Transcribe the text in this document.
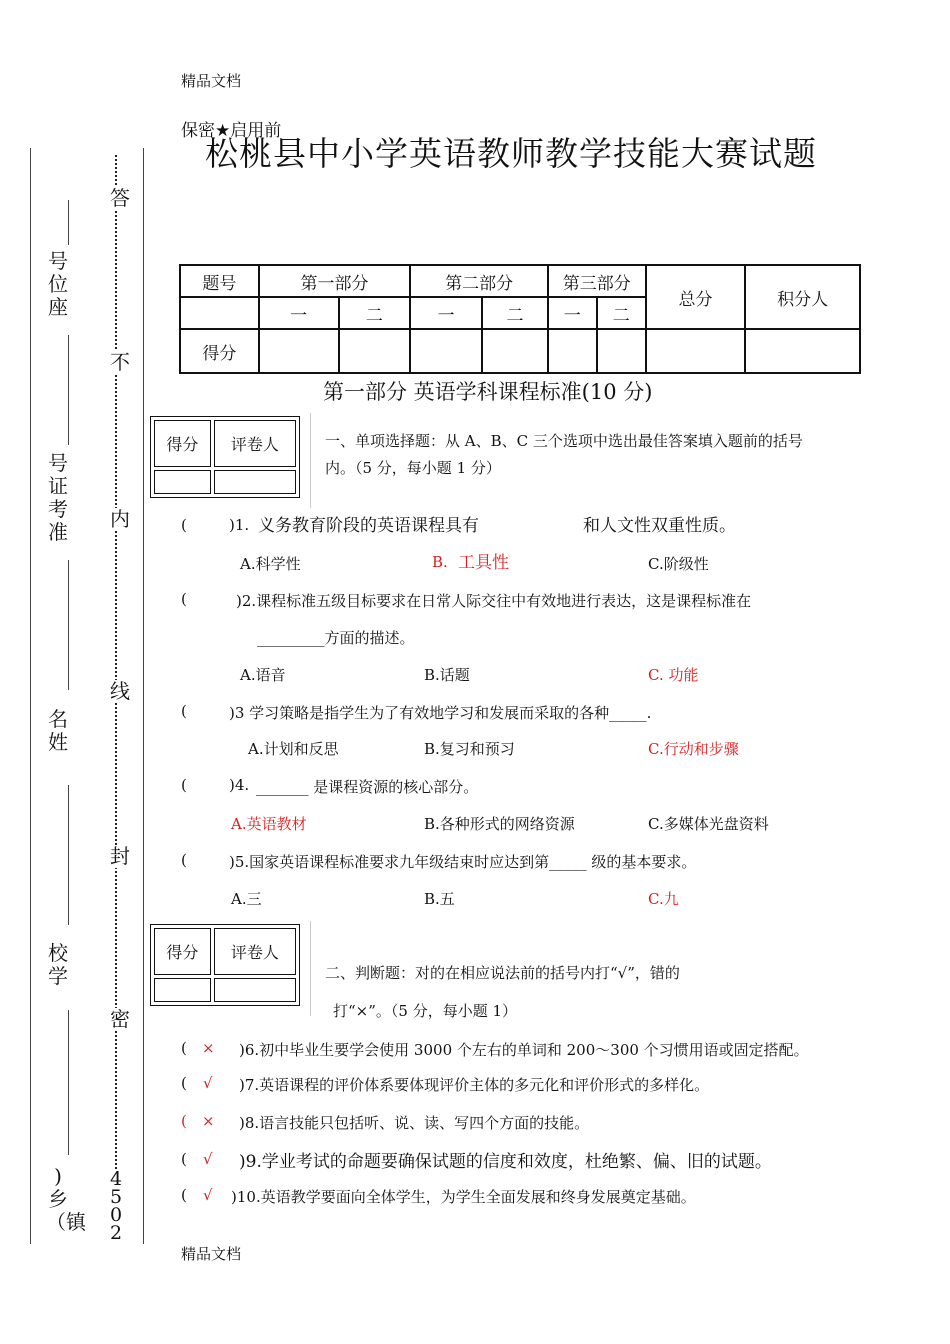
精品文档
精品文档
保密★启用前
松桃县中小学英语教师教学技能大赛试题
号位座
号证考准
名姓
校学
)乡（镇
答
不
内
线
封
密
4502
题号	第一部分		第二部分		第三部分		总分	积分人
	一	二	一	二	一	二		
得分								
第一部分 英语学科课程标准(10 分)
得分	评卷人
		一、单项选择题：从 A、B、C 三个选项中选出最佳答案填入题前的括号
内。（5 分，每小题 1 分）
(	)1. 义务教育阶段的英语课程具有	和人文性双重性质。
A.科学性	B. 工具性	C.阶级性
(	)2.课程标准五级目标要求在日常人际交往中有效地进行表达，这是课程标准在
_________方面的描述。
A.语音	B.话题	C. 功能
(	)3 学习策略是指学生为了有效地学习和发展而采取的各种_____.
A.计划和反思	B.复习和预习	C.行动和步骤
(	)4. _______ 是课程资源的核心部分。
A.英语教材	B.各种形式的网络资源	C.多媒体光盘资料
(	)5.国家英语课程标准要求九年级结束时应达到第_____ 级的基本要求。
A.三	B.五	C.九
得分	评卷人

二、判断题：对的在相应说法前的括号内打“√”，错的
打“×”。（5 分，每小题 1）
( × )6.初中毕业生要学会使用 3000 个左右的单词和 200～300 个习惯用语或固定搭配。
( √ )7.英语课程的评价体系要体现评价主体的多元化和评价形式的多样化。
( × )8.语言技能只包括听、说、读、写四个方面的技能。
( √ )9.学业考试的命题要确保试题的信度和效度，杜绝繁、偏、旧的试题。
( √ )10.英语教学要面向全体学生，为学生全面发展和终身发展奠定基础。
